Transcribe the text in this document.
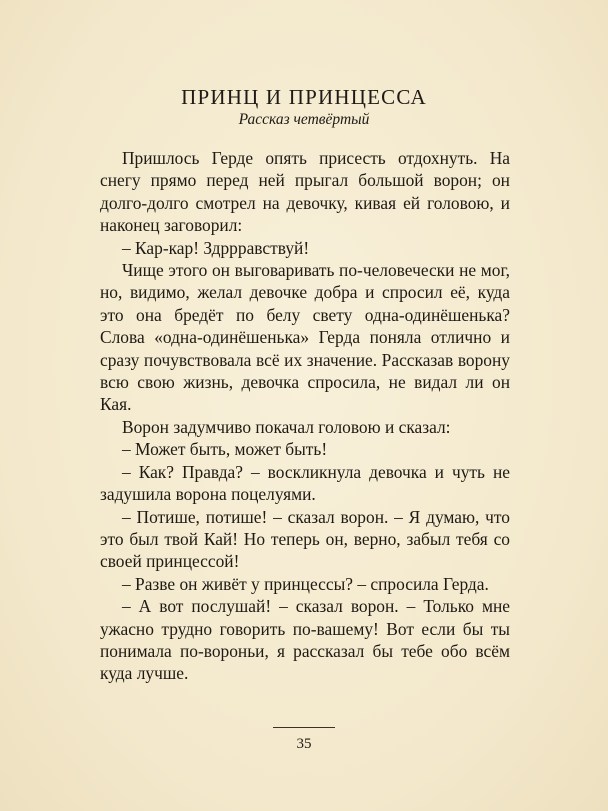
ПРИНЦ И ПРИНЦЕССА
Рассказ четвёртый

Пришлось Герде опять присесть отдохнуть. На снегу прямо перед ней прыгал большой ворон; он долго-долго смотрел на девочку, кивая ей головою, и наконец заговорил:

– Кар-кар! Здррравствуй!

Чище этого он выговаривать по-человечески не мог, но, видимо, желал девочке добра и спросил её, куда это она бредёт по белу свету одна-одинёшенька? Слова «одна-одинёшенька» Герда поняла отлично и сразу почувствовала всё их значение. Рассказав ворону всю свою жизнь, девочка спросила, не видал ли он Кая.

Ворон задумчиво покачал головою и сказал:

– Может быть, может быть!

– Как? Правда? – воскликнула девочка и чуть не задушила ворона поцелуями.

– Потише, потише! – сказал ворон. – Я думаю, что это был твой Кай! Но теперь он, верно, забыл тебя со своей принцессой!

– Разве он живёт у принцессы? – спросила Герда.

– А вот послушай! – сказал ворон. – Только мне ужасно трудно говорить по-вашему! Вот если бы ты понимала по-вороньи, я рассказал бы тебе обо всём куда лучше.

35
